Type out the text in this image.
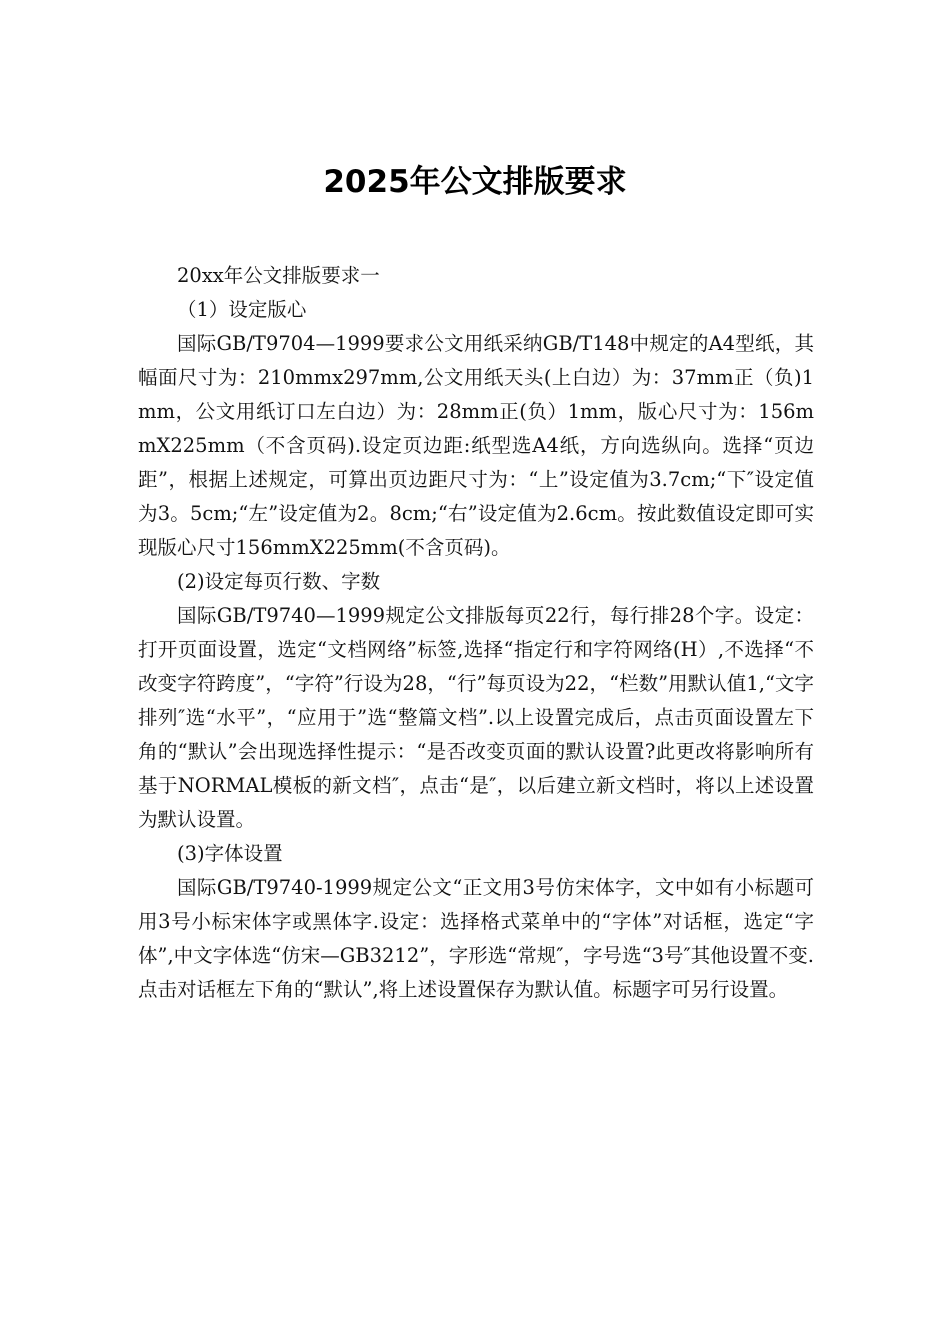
2025年公文排版要求

20xx年公文排版要求一

（1）设定版心

国际GB/T9704—1999要求公文用纸采纳GB/T148中规定的A4型纸，其幅面尺寸为：210mmx297mm,公文用纸天头(上白边）为：37mm正（负)1mm，公文用纸订口左白边）为：28mm正(负）1mm，版心尺寸为：156mmX225mm（不含页码).设定页边距:纸型选A4纸，方向选纵向。选择“页边距”，根据上述规定，可算出页边距尺寸为：“上”设定值为3.7cm;“下″设定值为3。5cm;“左”设定值为2。8cm;“右”设定值为2.6cm。按此数值设定即可实现版心尺寸156mmX225mm(不含页码)。

(2)设定每页行数、字数

国际GB/T9740—1999规定公文排版每页22行，每行排28个字。设定：打开页面设置，选定“文档网络”标签,选择“指定行和字符网络(H）,不选择“不改变字符跨度”，“字符”行设为28，“行”每页设为22，“栏数”用默认值1,“文字排列″选“水平”，“应用于”选“整篇文档”.以上设置完成后，点击页面设置左下角的“默认”会出现选择性提示：“是否改变页面的默认设置?此更改将影响所有基于NORMAL模板的新文档″，点击“是″，以后建立新文档时，将以上述设置为默认设置。

(3)字体设置

国际GB/T9740-1999规定公文“正文用3号仿宋体字，文中如有小标题可用3号小标宋体字或黑体字.设定：选择格式菜单中的“字体”对话框，选定“字体”,中文字体选“仿宋—GB3212”，字形选“常规″，字号选“3号″其他设置不变.点击对话框左下角的“默认”,将上述设置保存为默认值。标题字可另行设置。
